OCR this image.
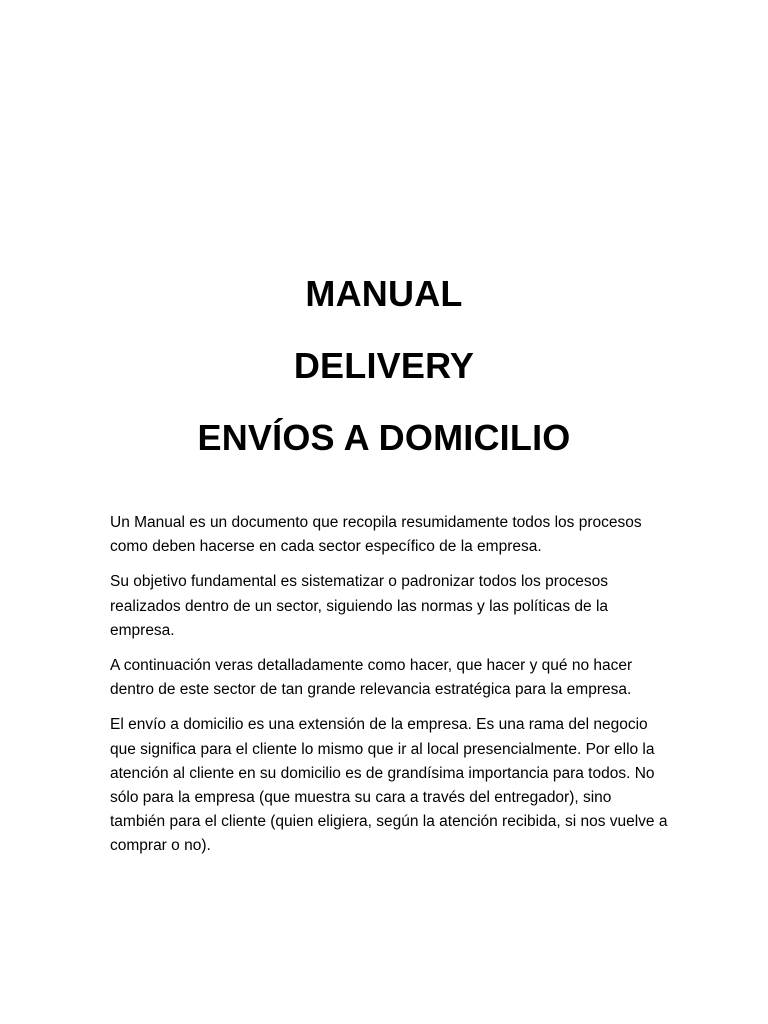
MANUAL
DELIVERY
ENVÍOS A DOMICILIO

Un Manual es un documento que recopila resumidamente todos los procesos como deben hacerse en cada sector específico de la empresa.

Su objetivo fundamental es sistematizar o padronizar todos los procesos realizados dentro de un sector, siguiendo las normas y las políticas de la empresa.

A continuación veras detalladamente como hacer, que hacer y qué no hacer dentro de este sector de tan grande relevancia estratégica para la empresa.

El envío a domicilio es una extensión de la empresa. Es una rama del negocio que significa para el cliente lo mismo que ir al local presencialmente. Por ello la atención al cliente en su domicilio es de grandísima importancia para todos. No sólo para la empresa (que muestra su cara a través del entregador), sino también para el cliente (quien eligiera, según la atención recibida, si nos vuelve a comprar o no).
